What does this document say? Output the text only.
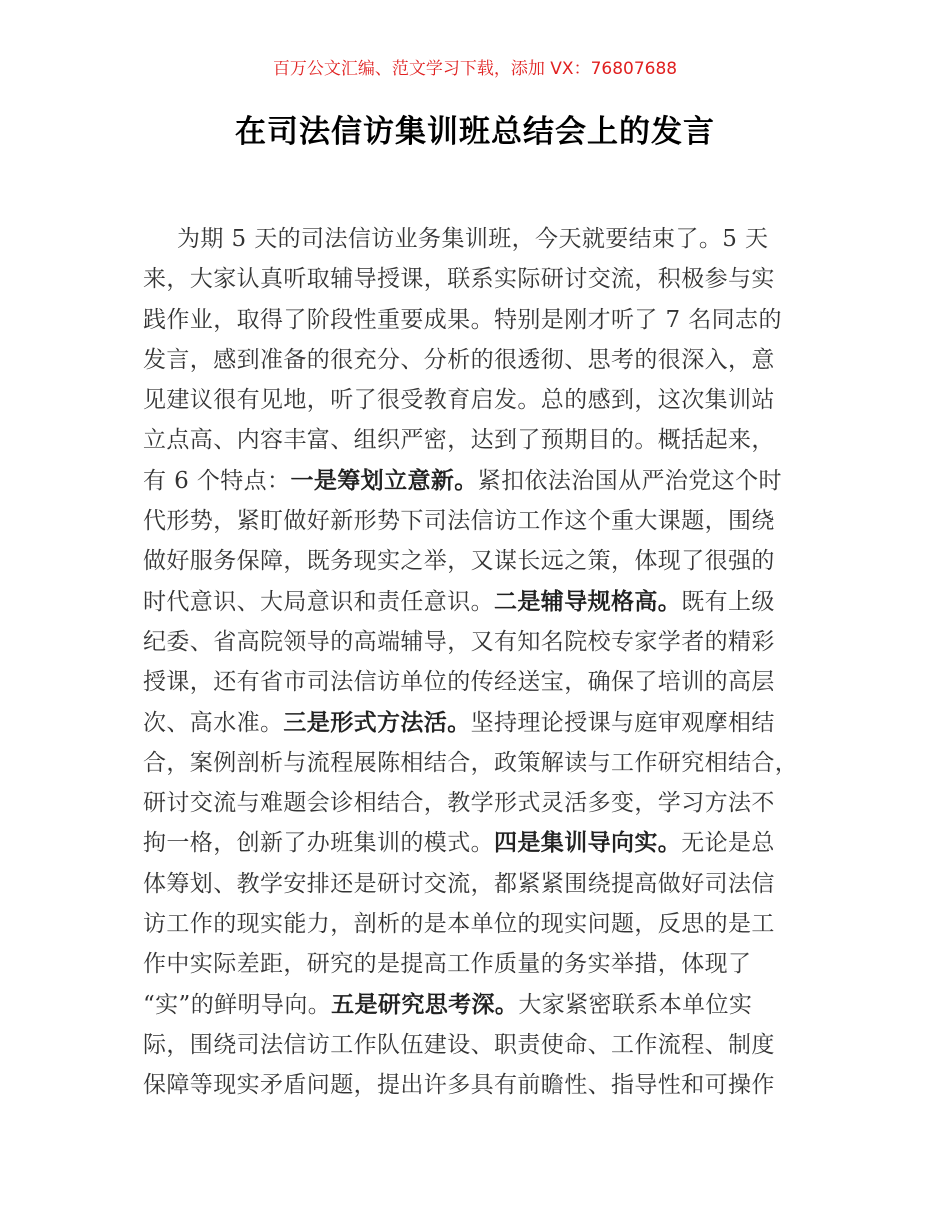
百万公文汇编、范文学习下载，添加 VX：76807688
在司法信访集训班总结会上的发言
为期 5 天的司法信访业务集训班，今天就要结束了。5 天
来，大家认真听取辅导授课，联系实际研讨交流，积极参与实
践作业，取得了阶段性重要成果。特别是刚才听了 7 名同志的
发言，感到准备的很充分、分析的很透彻、思考的很深入，意
见建议很有见地，听了很受教育启发。总的感到，这次集训站
立点高、内容丰富、组织严密，达到了预期目的。概括起来，
有 6 个特点：一是筹划立意新。紧扣依法治国从严治党这个时
代形势，紧盯做好新形势下司法信访工作这个重大课题，围绕
做好服务保障，既务现实之举，又谋长远之策，体现了很强的
时代意识、大局意识和责任意识。二是辅导规格高。既有上级
纪委、省高院领导的高端辅导，又有知名院校专家学者的精彩
授课，还有省市司法信访单位的传经送宝，确保了培训的高层
次、高水准。三是形式方法活。坚持理论授课与庭审观摩相结
合，案例剖析与流程展陈相结合，政策解读与工作研究相结合，
研讨交流与难题会诊相结合，教学形式灵活多变，学习方法不
拘一格，创新了办班集训的模式。四是集训导向实。无论是总
体筹划、教学安排还是研讨交流，都紧紧围绕提高做好司法信
访工作的现实能力，剖析的是本单位的现实问题，反思的是工
作中实际差距，研究的是提高工作质量的务实举措，体现了
“实”的鲜明导向。五是研究思考深。大家紧密联系本单位实
际，围绕司法信访工作队伍建设、职责使命、工作流程、制度
保障等现实矛盾问题，提出许多具有前瞻性、指导性和可操作
